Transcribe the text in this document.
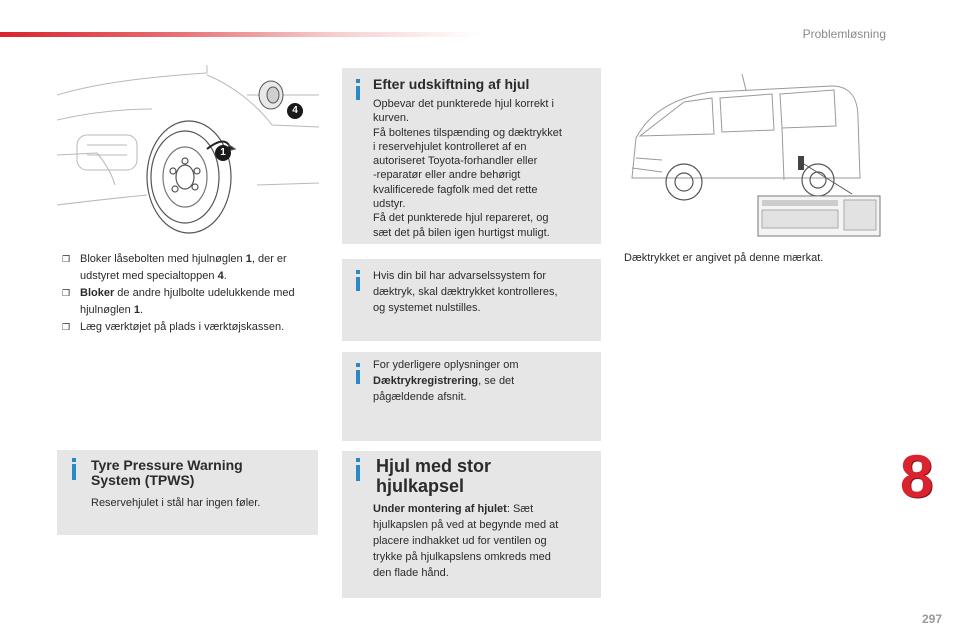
Problemløsning
1
4
❒ Bloker låsebolten med hjulnøglen 1, der er udstyret med specialtoppen 4.
❒ Bloker de andre hjulbolte udelukkende med hjulnøglen 1.
❒ Læg værktøjet på plads i værktøjskassen.
Tyre Pressure Warning
System (TPWS)
Reservehjulet i stål har ingen føler.
Efter udskiftning af hjul

Opbevar det punkterede hjul korrekt i

kurven.

Få boltenes tilspænding og dæktrykket

i reservehjulet kontrolleret af en

autoriseret Toyota-forhandler eller

-reparatør eller andre behørigt

kvalificerede fagfolk med det rette

udstyr.

Få det punkterede hjul repareret, og

sæt det på bilen igen hurtigst muligt.

Hvis din bil har advarselssystem for

dæktryk, skal dæktrykket kontrolleres,

og systemet nulstilles.

For yderligere oplysninger om

Dæktrykregistrering, se det

pågældende afsnit.

Hjul med stor
hjulkapsel

Under montering af hjulet: Sæt

hjulkapslen på ved at begynde med at

placere indhakket ud for ventilen og

trykke på hjulkapslens omkreds med

den flade hånd.

Dæktrykket er angivet på denne mærkat.
8
297
